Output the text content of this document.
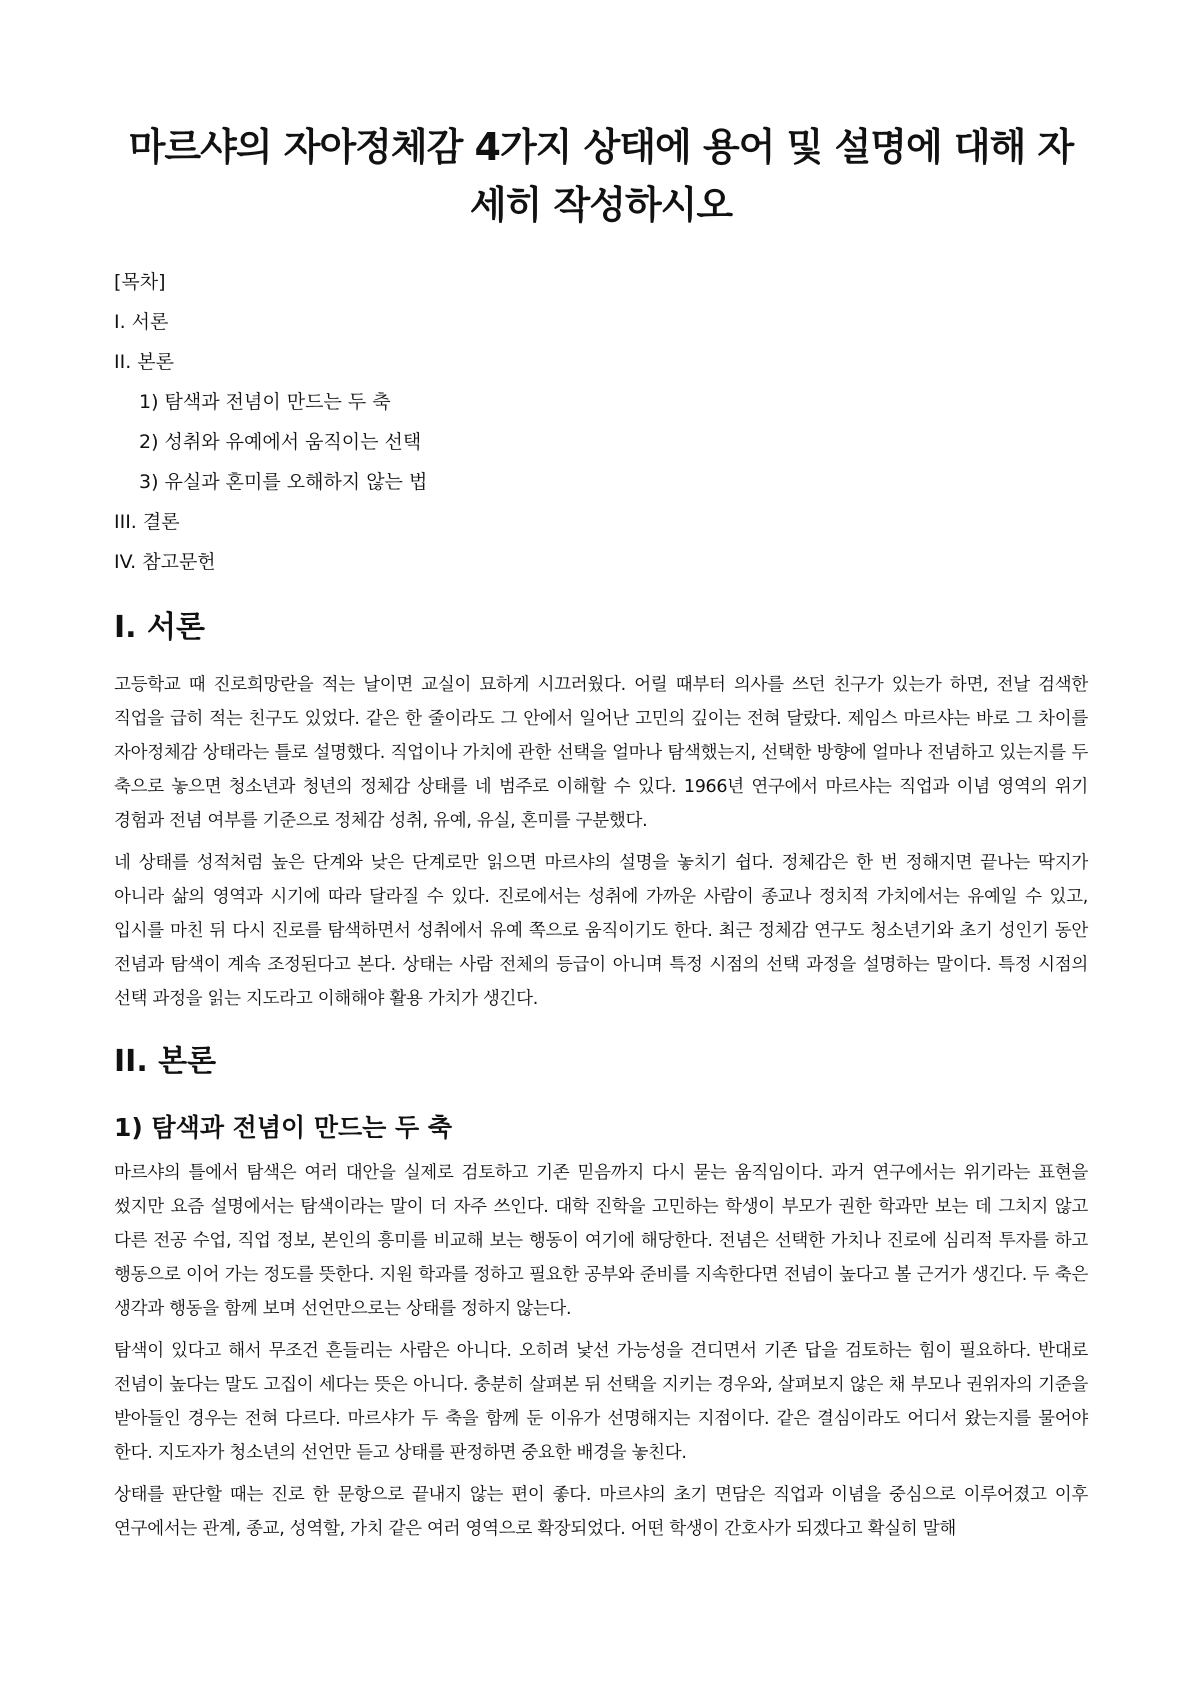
마르샤의 자아정체감 4가지 상태에 용어 및 설명에 대해 자세히 작성하시오
[목차]
I. 서론
II. 본론
1) 탐색과 전념이 만드는 두 축
2) 성취와 유예에서 움직이는 선택
3) 유실과 혼미를 오해하지 않는 법
III. 결론
IV. 참고문헌
I. 서론

고등학교 때 진로희망란을 적는 날이면 교실이 묘하게 시끄러웠다. 어릴 때부터 의사를 쓰던 친구가 있는가 하면, 전날 검색한 직업을 급히 적는 친구도 있었다. 같은 한 줄이라도 그 안에서 일어난 고민의 깊이는 전혀 달랐다. 제임스 마르샤는 바로 그 차이를 자아정체감 상태라는 틀로 설명했다. 직업이나 가치에 관한 선택을 얼마나 탐색했는지, 선택한 방향에 얼마나 전념하고 있는지를 두 축으로 놓으면 청소년과 청년의 정체감 상태를 네 범주로 이해할 수 있다. 1966년 연구에서 마르샤는 직업과 이념 영역의 위기 경험과 전념 여부를 기준으로 정체감 성취, 유예, 유실, 혼미를 구분했다.

네 상태를 성적처럼 높은 단계와 낮은 단계로만 읽으면 마르샤의 설명을 놓치기 쉽다. 정체감은 한 번 정해지면 끝나는 딱지가 아니라 삶의 영역과 시기에 따라 달라질 수 있다. 진로에서는 성취에 가까운 사람이 종교나 정치적 가치에서는 유예일 수 있고, 입시를 마친 뒤 다시 진로를 탐색하면서 성취에서 유예 쪽으로 움직이기도 한다. 최근 정체감 연구도 청소년기와 초기 성인기 동안 전념과 탐색이 계속 조정된다고 본다. 상태는 사람 전체의 등급이 아니며 특정 시점의 선택 과정을 설명하는 말이다. 특정 시점의 선택 과정을 읽는 지도라고 이해해야 활용 가치가 생긴다.

II. 본론
1) 탐색과 전념이 만드는 두 축

마르샤의 틀에서 탐색은 여러 대안을 실제로 검토하고 기존 믿음까지 다시 묻는 움직임이다. 과거 연구에서는 위기라는 표현을 썼지만 요즘 설명에서는 탐색이라는 말이 더 자주 쓰인다. 대학 진학을 고민하는 학생이 부모가 권한 학과만 보는 데 그치지 않고 다른 전공 수업, 직업 정보, 본인의 흥미를 비교해 보는 행동이 여기에 해당한다. 전념은 선택한 가치나 진로에 심리적 투자를 하고 행동으로 이어 가는 정도를 뜻한다. 지원 학과를 정하고 필요한 공부와 준비를 지속한다면 전념이 높다고 볼 근거가 생긴다. 두 축은 생각과 행동을 함께 보며 선언만으로는 상태를 정하지 않는다.

탐색이 있다고 해서 무조건 흔들리는 사람은 아니다. 오히려 낯선 가능성을 견디면서 기존 답을 검토하는 힘이 필요하다. 반대로 전념이 높다는 말도 고집이 세다는 뜻은 아니다. 충분히 살펴본 뒤 선택을 지키는 경우와, 살펴보지 않은 채 부모나 권위자의 기준을 받아들인 경우는 전혀 다르다. 마르샤가 두 축을 함께 둔 이유가 선명해지는 지점이다. 같은 결심이라도 어디서 왔는지를 물어야 한다. 지도자가 청소년의 선언만 듣고 상태를 판정하면 중요한 배경을 놓친다.

상태를 판단할 때는 진로 한 문항으로 끝내지 않는 편이 좋다. 마르샤의 초기 면담은 직업과 이념을 중심으로 이루어졌고 이후 연구에서는 관계, 종교, 성역할, 가치 같은 여러 영역으로 확장되었다. 어떤 학생이 간호사가 되겠다고 확실히 말해
